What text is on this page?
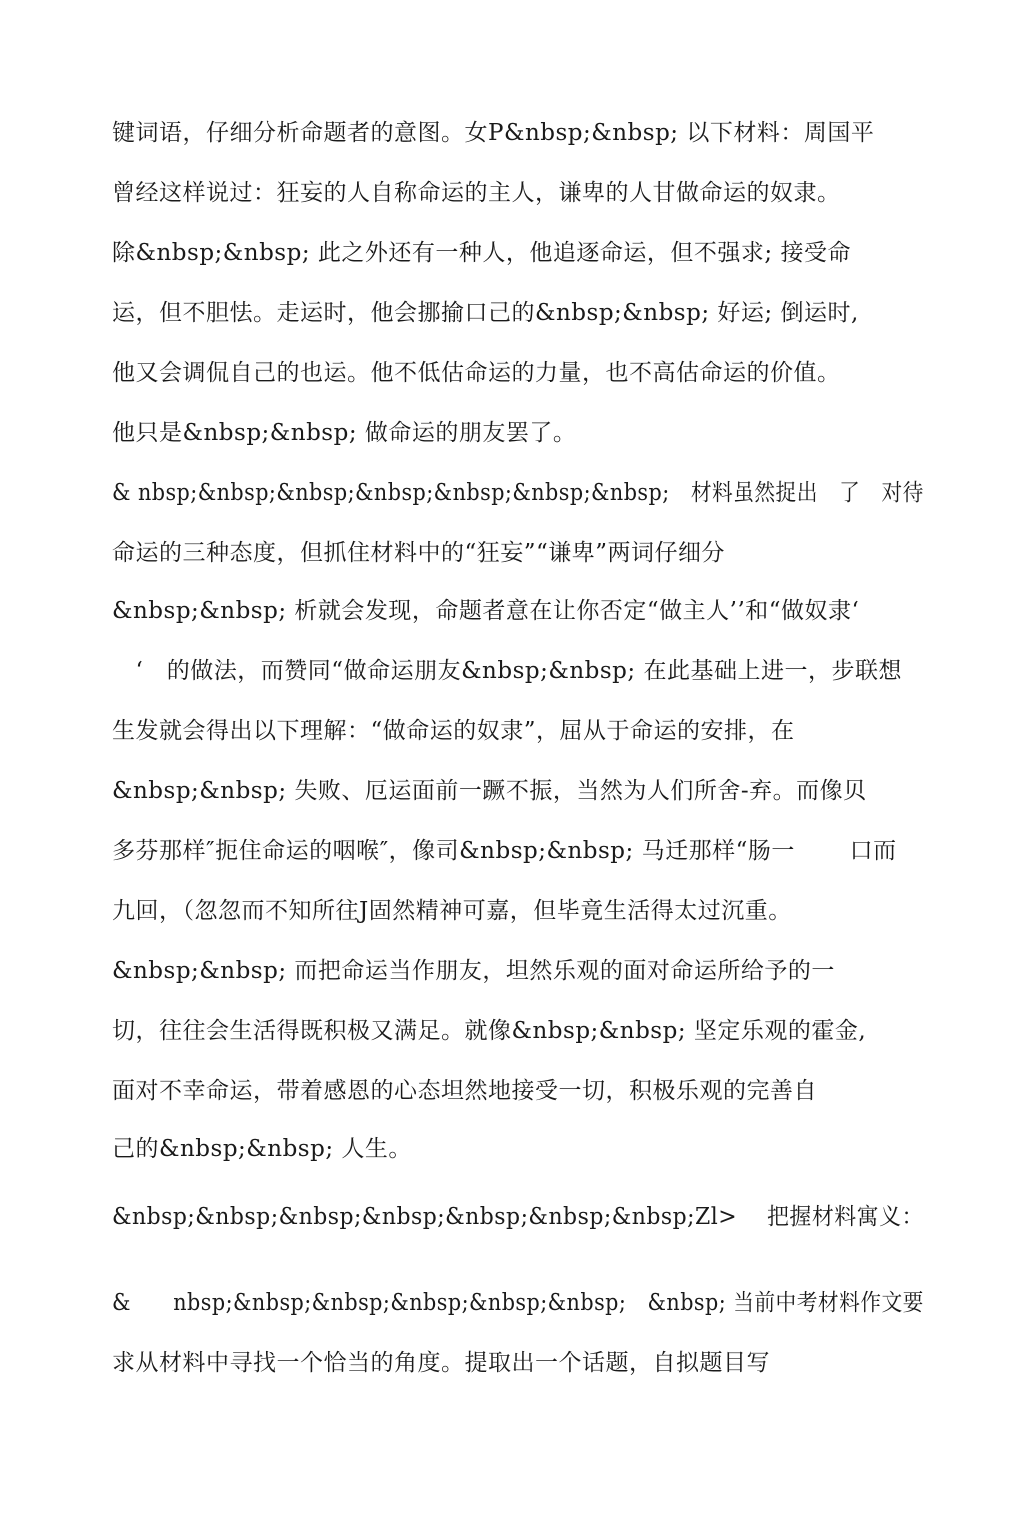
键词语，仔细分析命题者的意图。女P&nbsp;&nbsp; 以下材料：周国平
曾经这样说过：狂妄的人自称命运的主人，谦卑的人甘做命运的奴隶。
除&nbsp;&nbsp; 此之外还有一种人，他追逐命运，但不强求; 接受命
运，但不胆怯。走运时，他会挪揄口己的&nbsp;&nbsp; 好运; 倒运时,
他又会调侃自己的也运。他不低估命运的力量，也不高估命运的价值。
他只是&nbsp;&nbsp; 做命运的朋友罢了。
& nbsp;&nbsp;&nbsp;&nbsp;&nbsp;&nbsp;&nbsp;　材料虽然捉出　了　对待
命运的三种态度，但抓住材料中的“狂妄”“谦卑”两词仔细分
&nbsp;&nbsp; 析就会发现，命题者意在让你否定“做主人’’和“做奴隶‘
　‘　的做法，而赞同“做命运朋友&nbsp;&nbsp; 在此基础上进一，步联想
生发就会得出以下理解：“做命运的奴隶”，屈从于命运的安排，在
&nbsp;&nbsp; 失败、厄运面前一蹶不振，当然为人们所舍-弃。而像贝
多芬那样″扼住命运的咽喉″，像司&nbsp;&nbsp; 马迁那样“肠一　　 口而
九回，（忽忽而不知所往J固然精神可嘉，但毕竟生活得太过沉重。
&nbsp;&nbsp; 而把命运当作朋友，坦然乐观的面对命运所给予的一
切，往往会生活得既积极又满足。就像&nbsp;&nbsp; 坚定乐观的霍金,
面对不幸命运，带着感恩的心态坦然地接受一切，积极乐观的完善自
己的&nbsp;&nbsp; 人生。
&nbsp;&nbsp;&nbsp;&nbsp;&nbsp;&nbsp;&nbsp;Zl>　 把握材料寓义：
&　　nbsp;&nbsp;&nbsp;&nbsp;&nbsp;&nbsp;　&nbsp; 当前中考材料作文要
求从材料中寻找一个恰当的角度。提取出一个话题，自拟题目写
